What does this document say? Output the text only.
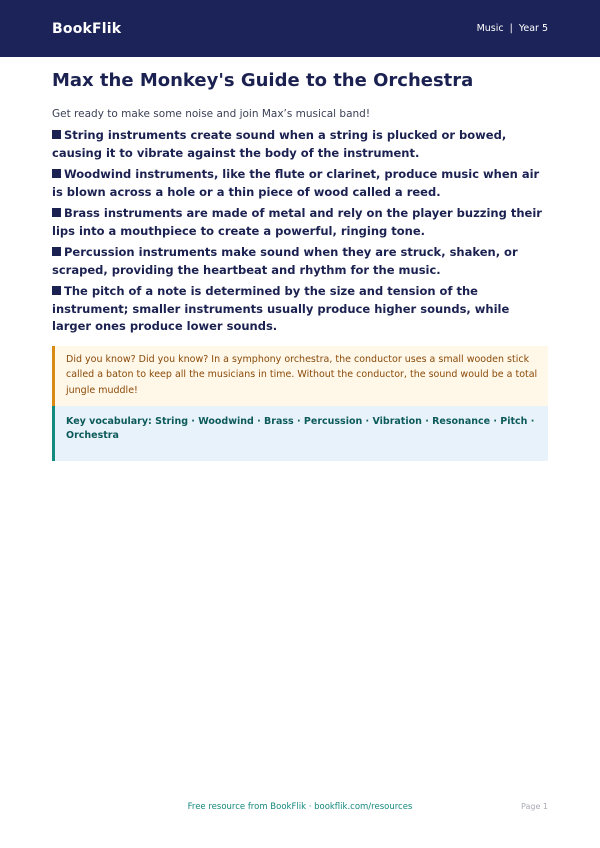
BookFlik	Music | Year 5
Max the Monkey's Guide to the Orchestra

Get ready to make some noise and join Max’s musical band!

String instruments create sound when a string is plucked or bowed, causing it to vibrate against the body of the instrument.
Woodwind instruments, like the flute or clarinet, produce music when air is blown across a hole or a thin piece of wood called a reed.
Brass instruments are made of metal and rely on the player buzzing their lips into a mouthpiece to create a powerful, ringing tone.
Percussion instruments make sound when they are struck, shaken, or scraped, providing the heartbeat and rhythm for the music.
The pitch of a note is determined by the size and tension of the instrument; smaller instruments usually produce higher sounds, while larger ones produce lower sounds.
Did you know? Did you know? In a symphony orchestra, the conductor uses a small wooden stick called a baton to keep all the musicians in time. Without the conductor, the sound would be a total jungle muddle!
Key vocabulary: String · Woodwind · Brass · Percussion · Vibration · Resonance · Pitch · Orchestra
Free resource from BookFlik · bookflik.com/resources	Page 1
